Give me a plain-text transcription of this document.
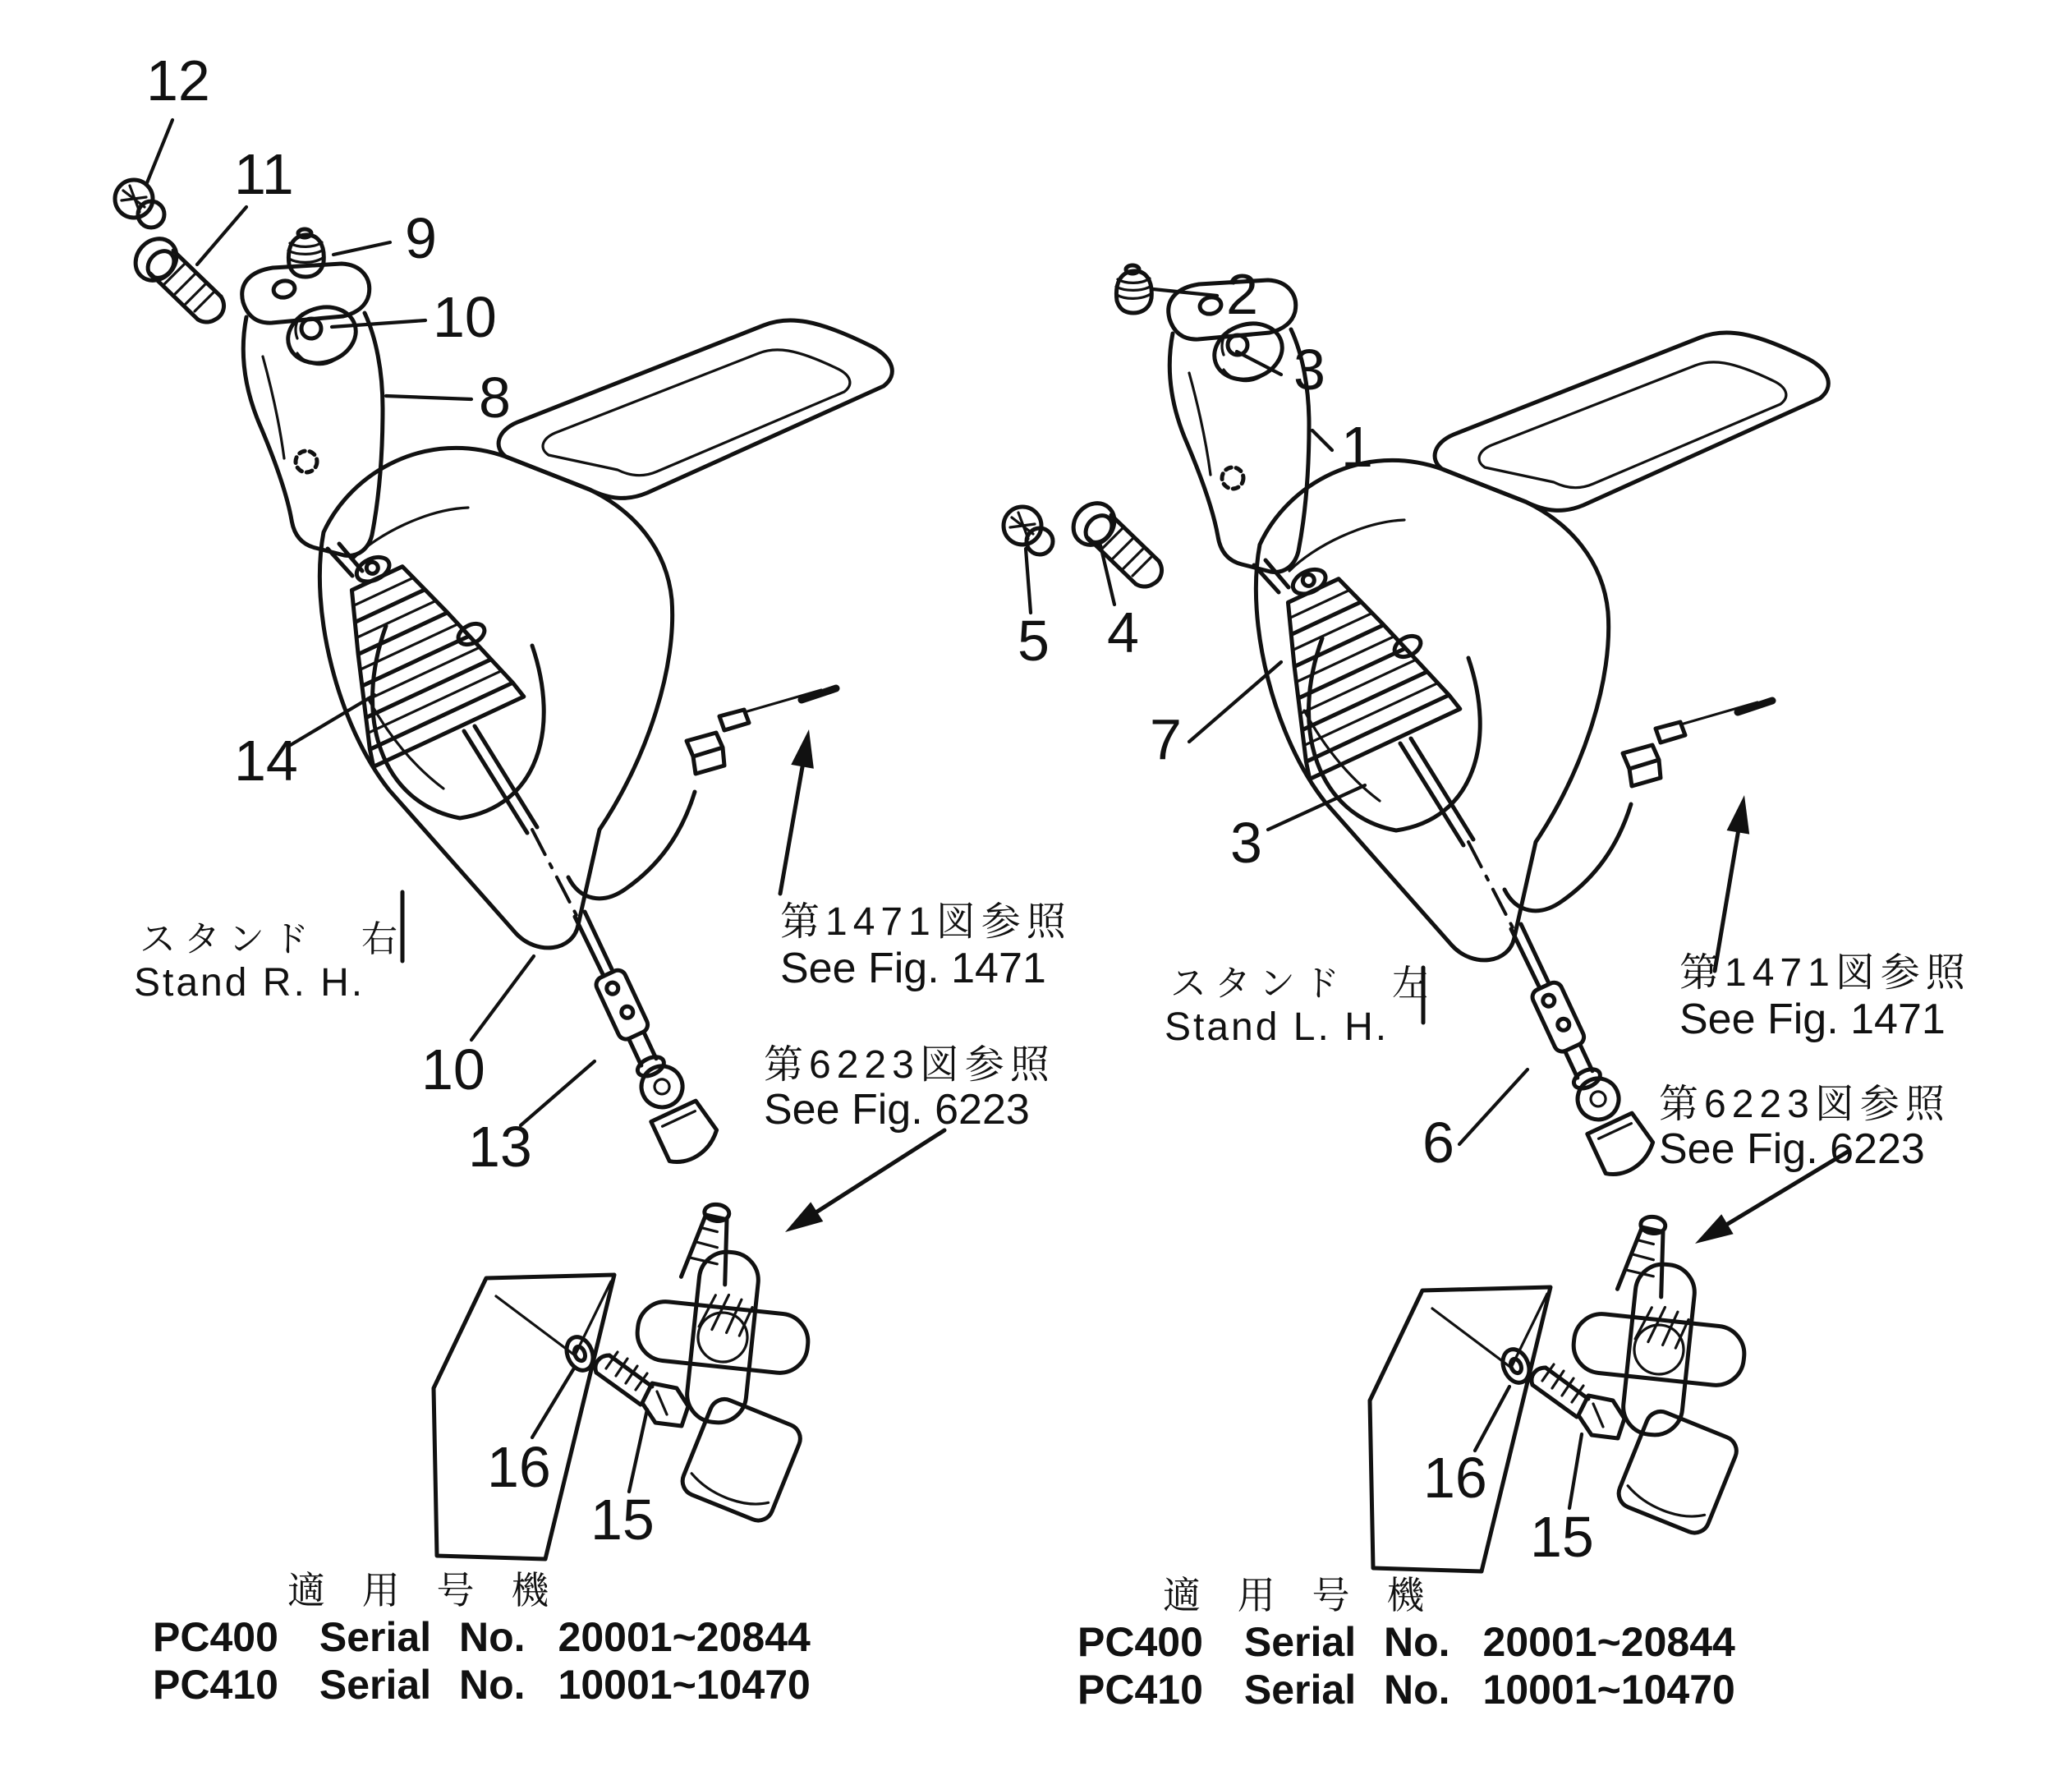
スタンド　右
Stand R. H.	スタンド　左
Stand L. H.
12
11
9
10
8
14
10
13
16
15
2
3
1
5 4
7
3
6
16
15
第1471図参照
See Fig. 1471
第6223図参照
See Fig. 6223
第1471図参照
See Fig. 1471
第6223図参照
See Fig. 6223
適 用 号 機
PC400 Serial No. 20001~20844
PC410 Serial No. 10001~10470
適 用 号 機
PC400 Serial No. 20001~20844
PC410 Serial No. 10001~10470
